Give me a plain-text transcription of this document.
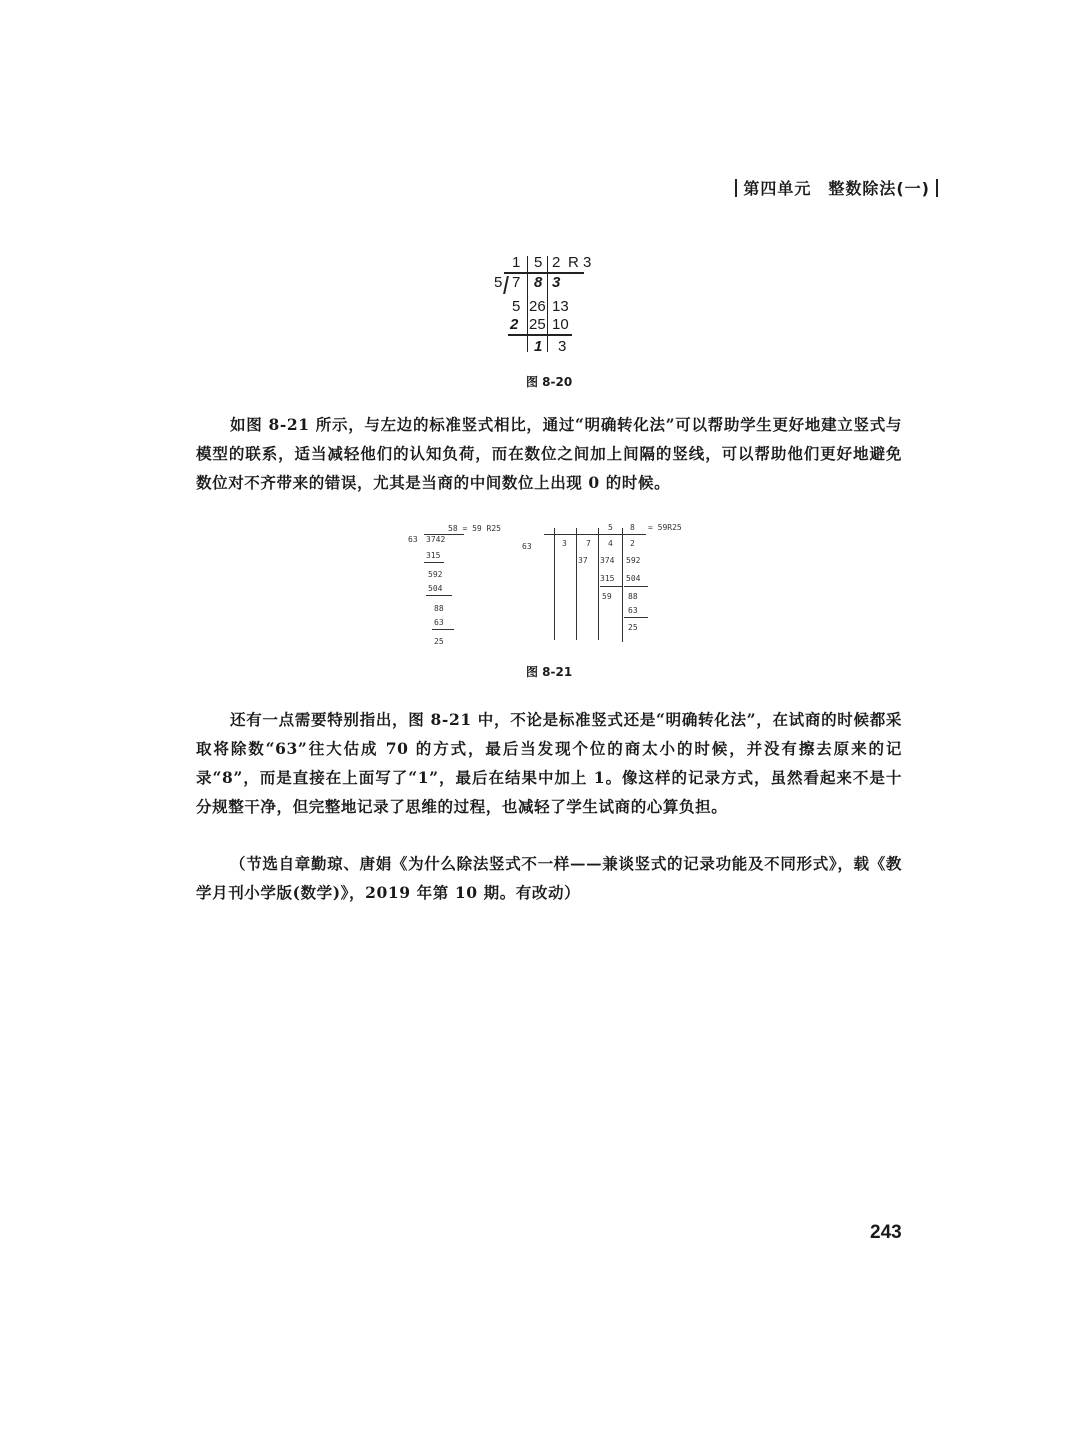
第四单元　整数除法(一)
1 5 2 R 3
5 7 8 3
5 26 13
2 25 10
1 3
图 8-20
如图 8-21 所示，与左边的标准竖式相比，通过“明确转化法”可以帮助学生更好地建立竖式与模型的联系，适当减轻他们的认知负荷，而在数位之间加上间隔的竖线，可以帮助他们更好地避免数位对不齐带来的错误，尤其是当商的中间数位上出现 0 的时候。
58 = 59 R25
63 3742
315
592
504
88
63
25
5 8 = 59R25
63	3 7 4 2
37 374
315
59
592
504
88
63
25
图 8-21
还有一点需要特别指出，图 8-21 中，不论是标准竖式还是“明确转化法”，在试商的时候都采取将除数“63”往大估成 70 的方式，最后当发现个位的商太小的时候，并没有擦去原来的记录“8”，而是直接在上面写了“1”，最后在结果中加上 1。像这样的记录方式，虽然看起来不是十分规整干净，但完整地记录了思维的过程，也减轻了学生试商的心算负担。
（节选自章勤琼、唐娟《为什么除法竖式不一样——兼谈竖式的记录功能及不同形式》，载《教学月刊小学版(数学)》，2019 年第 10 期。有改动）
243
